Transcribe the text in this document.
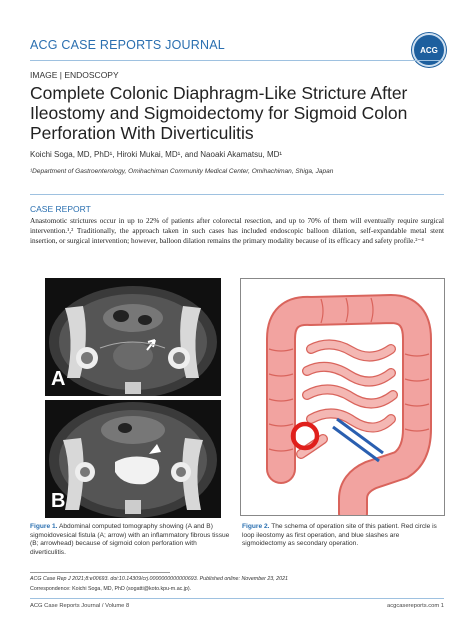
ACG CASE REPORTS JOURNAL	ACG
IMAGE | ENDOSCOPY
Complete Colonic Diaphragm-Like Stricture After Ileostomy and Sigmoidectomy for Sigmoid Colon Perforation With Diverticulitis
Koichi Soga, MD, PhD¹, Hiroki Mukai, MD¹, and Naoaki Akamatsu, MD¹
¹Department of Gastroenterology, Omihachiman Community Medical Center, Omihachiman, Shiga, Japan
CASE REPORT
Anastomotic strictures occur in up to 22% of patients after colorectal resection, and up to 70% of them will eventually require surgical intervention.¹,² Traditionally, the approach taken in such cases has included endoscopic balloon dilation, self-expandable metal stent insertion, or surgical intervention; however, balloon dilation remains the primary modality because of its efficacy and safety profile.²⁻⁴
A
B
Figure 1. Abdominal computed tomography showing (A and B) sigmoidovesical fistula (A; arrow) with an inflammatory fibrous tissue (B; arrowhead) because of sigmoid colon perforation with diverticulitis.
Figure 2. The schema of operation site of this patient. Red circle is loop ileostomy as first operation, and blue slashes are sigmoidectomy as secondary operation.
ACG Case Rep J 2021;8:e00693. doi:10.14309/crj.0000000000000693. Published online: November 23, 2021
Correspondence: Koichi Soga, MD, PhD (sogatti@koto.kpu-m.ac.jp).
ACG Case Reports Journal / Volume 8	acgcasereports.com 1
